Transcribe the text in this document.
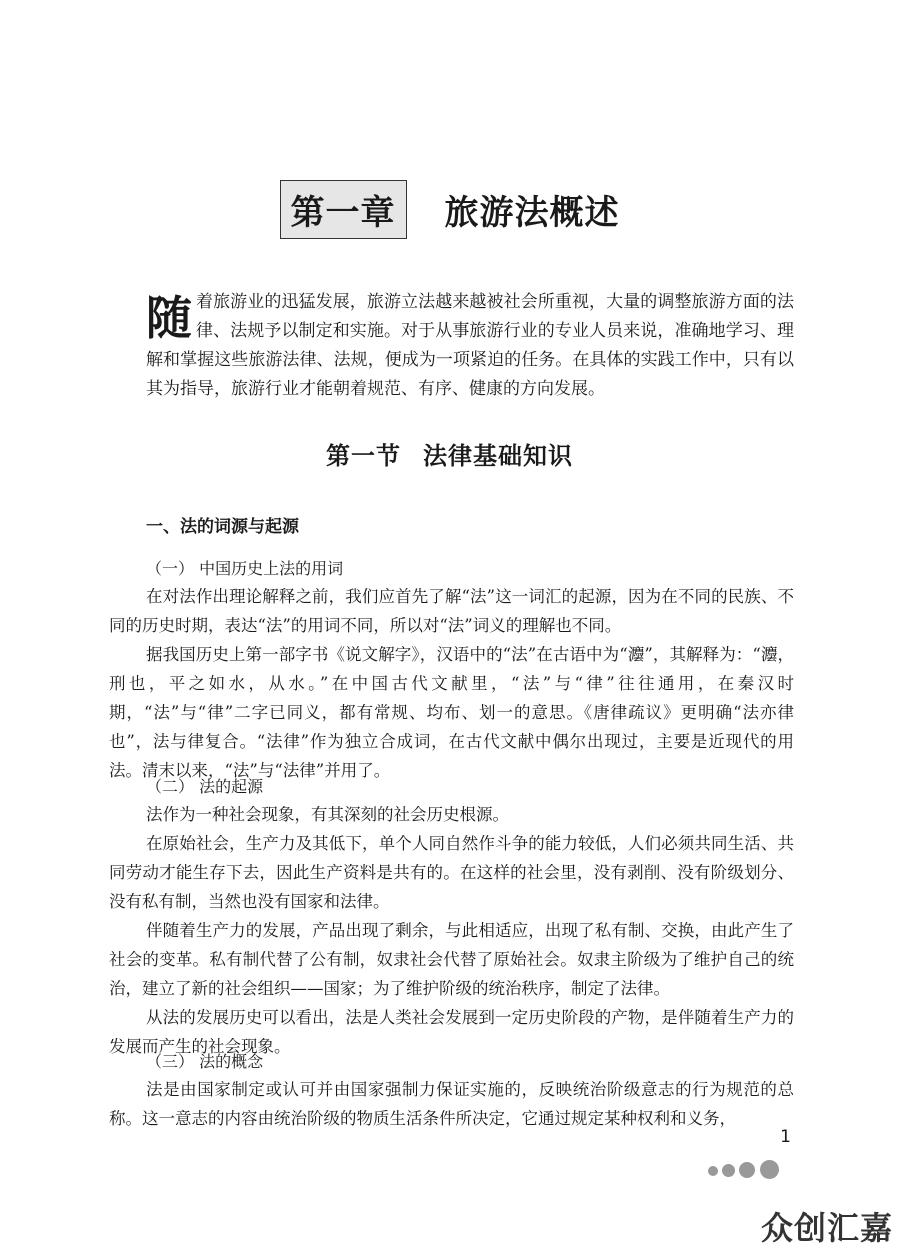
第一章	旅游法概述
随着旅游业的迅猛发展，旅游立法越来越被社会所重视，大量的调整旅游方面的法律、法规予以制定和实施。对于从事旅游行业的专业人员来说，准确地学习、理解和掌握这些旅游法律、法规，便成为一项紧迫的任务。在具体的实践工作中，只有以其为指导，旅游行业才能朝着规范、有序、健康的方向发展。
第一节 法律基础知识
一、法的词源与起源
（一） 中国历史上法的用词
在对法作出理论解释之前，我们应首先了解“法”这一词汇的起源，因为在不同的民族、不同的历史时期，表达“法”的用词不同，所以对“法”词义的理解也不同。
据我国历史上第一部字书《说文解字》，汉语中的“法”在古语中为“灋”，其解释为：“灋，刑也，平之如水，从水。”在中国古代文献里，“法”与“律”往往通用，在秦汉时期，“法”与“律”二字已同义，都有常规、均布、划一的意思。《唐律疏议》更明确“法亦律也”，法与律复合。“法律”作为独立合成词，在古代文献中偶尔出现过，主要是近现代的用法。清末以来，“法”与“法律”并用了。
（二） 法的起源
法作为一种社会现象，有其深刻的社会历史根源。
在原始社会，生产力及其低下，单个人同自然作斗争的能力较低，人们必须共同生活、共同劳动才能生存下去，因此生产资料是共有的。在这样的社会里，没有剥削、没有阶级划分、没有私有制，当然也没有国家和法律。
伴随着生产力的发展，产品出现了剩余，与此相适应，出现了私有制、交换，由此产生了社会的变革。私有制代替了公有制，奴隶社会代替了原始社会。奴隶主阶级为了维护自己的统治，建立了新的社会组织——国家；为了维护阶级的统治秩序，制定了法律。
从法的发展历史可以看出，法是人类社会发展到一定历史阶段的产物，是伴随着生产力的发展而产生的社会现象。
（三） 法的概念
法是由国家制定或认可并由国家强制力保证实施的，反映统治阶级意志的行为规范的总称。这一意志的内容由统治阶级的物质生活条件所决定，它通过规定某种权利和义务，
1
众创汇嘉
